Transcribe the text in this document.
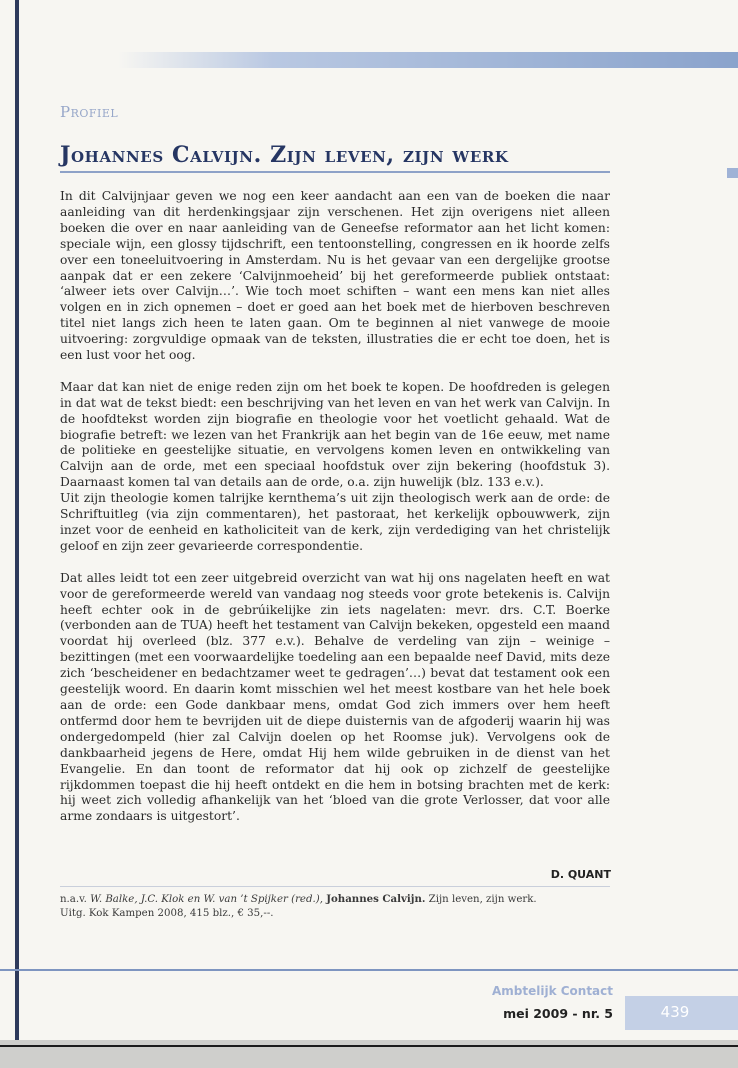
Profiel

Johannes Calvijn. Zijn leven, zijn werk

In dit Calvijnjaar geven we nog een keer aandacht aan een van de boeken die naar aanleiding van dit herdenkingsjaar zijn verschenen. Het zijn overigens niet alleen boeken die over en naar aanleiding van de Geneefse reformator aan het licht komen: speciale wijn, een glossy tijdschrift, een tentoonstelling, congressen en ik hoorde zelfs over een toneeluitvoering in Amsterdam. Nu is het gevaar van een dergelijke grootse aanpak dat er een zekere ‘Calvijnmoeheid’ bij het gereformeerde publiek ontstaat: ‘alweer iets over Calvijn…’. Wie toch moet schiften – want een mens kan niet alles volgen en in zich opnemen – doet er goed aan het boek met de hierboven beschreven titel niet langs zich heen te laten gaan. Om te beginnen al niet vanwege de mooie uitvoering: zorgvuldige opmaak van de teksten, illustraties die er echt toe doen, het is een lust voor het oog.

Maar dat kan niet de enige reden zijn om het boek te kopen. De hoofdreden is gelegen in dat wat de tekst biedt: een beschrijving van het leven en van het werk van Calvijn. In de hoofdtekst worden zijn biografie en theologie voor het voetlicht gehaald. Wat de biografie betreft: we lezen van het Frankrijk aan het begin van de 16e eeuw, met name de politieke en geestelijke situatie, en vervolgens komen leven en ontwikkeling van Calvijn aan de orde, met een speciaal hoofdstuk over zijn bekering (hoofdstuk 3). Daarnaast komen tal van details aan de orde, o.a. zijn huwelijk (blz. 133 e.v.).

Uit zijn theologie komen talrijke kernthema’s uit zijn theologisch werk aan de orde: de Schriftuitleg (via zijn commentaren), het pastoraat, het kerkelijk opbouwwerk, zijn inzet voor de eenheid en katholiciteit van de kerk, zijn verdediging van het christelijk geloof en zijn zeer gevarieerde correspondentie.

Dat alles leidt tot een zeer uitgebreid overzicht van wat hij ons nagelaten heeft en wat voor de gereformeerde wereld van vandaag nog steeds voor grote betekenis is. Calvijn heeft echter ook in de gebrúikelijke zin iets nagelaten: mevr. drs. C.T. Boerke (verbonden aan de TUA) heeft het testament van Calvijn bekeken, opgesteld een maand voordat hij overleed (blz. 377 e.v.). Behalve de verdeling van zijn – weinige – bezittingen (met een voorwaardelijke toedeling aan een bepaalde neef David, mits deze zich ‘bescheidener en bedachtzamer weet te gedragen’…) bevat dat testament ook een geestelijk woord. En daarin komt misschien wel het meest kostbare van het hele boek aan de orde: een Gode dankbaar mens, omdat God zich immers over hem heeft ontfermd door hem te bevrijden uit de diepe duisternis van de afgoderij waarin hij was ondergedompeld (hier zal Calvijn doelen op het Roomse juk). Vervolgens ook de dankbaarheid jegens de Here, omdat Hij hem wilde gebruiken in de dienst van het Evangelie. En dan toont de reformator dat hij ook op zichzelf de geestelijke rijkdommen toepast die hij heeft ontdekt en die hem in botsing brachten met de kerk: hij weet zich volledig afhankelijk van het ‘bloed van die grote Verlosser, dat voor alle arme zondaars is uitgestort’.

D. QUANT

n.a.v. W. Balke, J.C. Klok en W. van ’t Spijker (red.), Johannes Calvijn. Zijn leven, zijn werk.
Uitg. Kok Kampen 2008, 415 blz., € 35,--.

Ambtelijk Contact

mei 2009 - nr. 5	439
